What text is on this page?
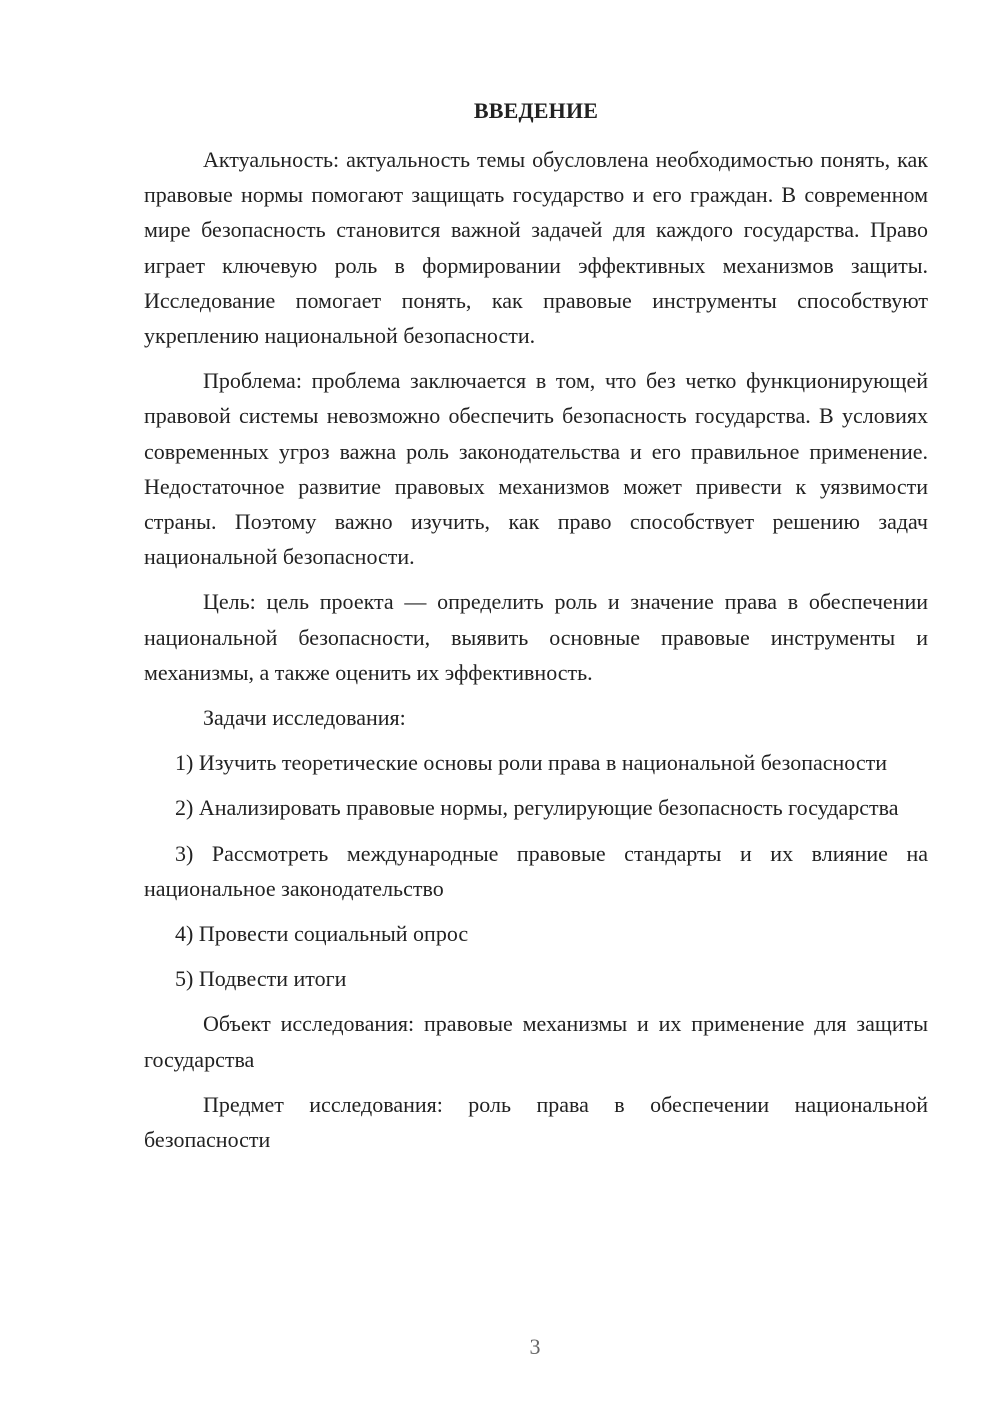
ВВЕДЕНИЕ

Актуальность: актуальность темы обусловлена необходимостью понять, как правовые нормы помогают защищать государство и его граждан. В современном мире безопасность становится важной задачей для каждого государства. Право играет ключевую роль в формировании эффективных механизмов защиты. Исследование помогает понять, как правовые инструменты способствуют укреплению национальной безопасности.

Проблема: проблема заключается в том, что без четко функционирующей правовой системы невозможно обеспечить безопасность государства. В условиях современных угроз важна роль законодательства и его правильное применение. Недостаточное развитие правовых механизмов может привести к уязвимости страны. Поэтому важно изучить, как право способствует решению задач национальной безопасности.

Цель: цель проекта — определить роль и значение права в обеспечении национальной безопасности, выявить основные правовые инструменты и механизмы, а также оценить их эффективность.

Задачи исследования:

1) Изучить теоретические основы роли права в национальной безопасности

2) Анализировать правовые нормы, регулирующие безопасность государства

3) Рассмотреть международные правовые стандарты и их влияние на национальное законодательство

4) Провести социальный опрос

5) Подвести итоги

Объект исследования: правовые механизмы и их применение для защиты государства

Предмет исследования: роль права в обеспечении национальной безопасности

3
